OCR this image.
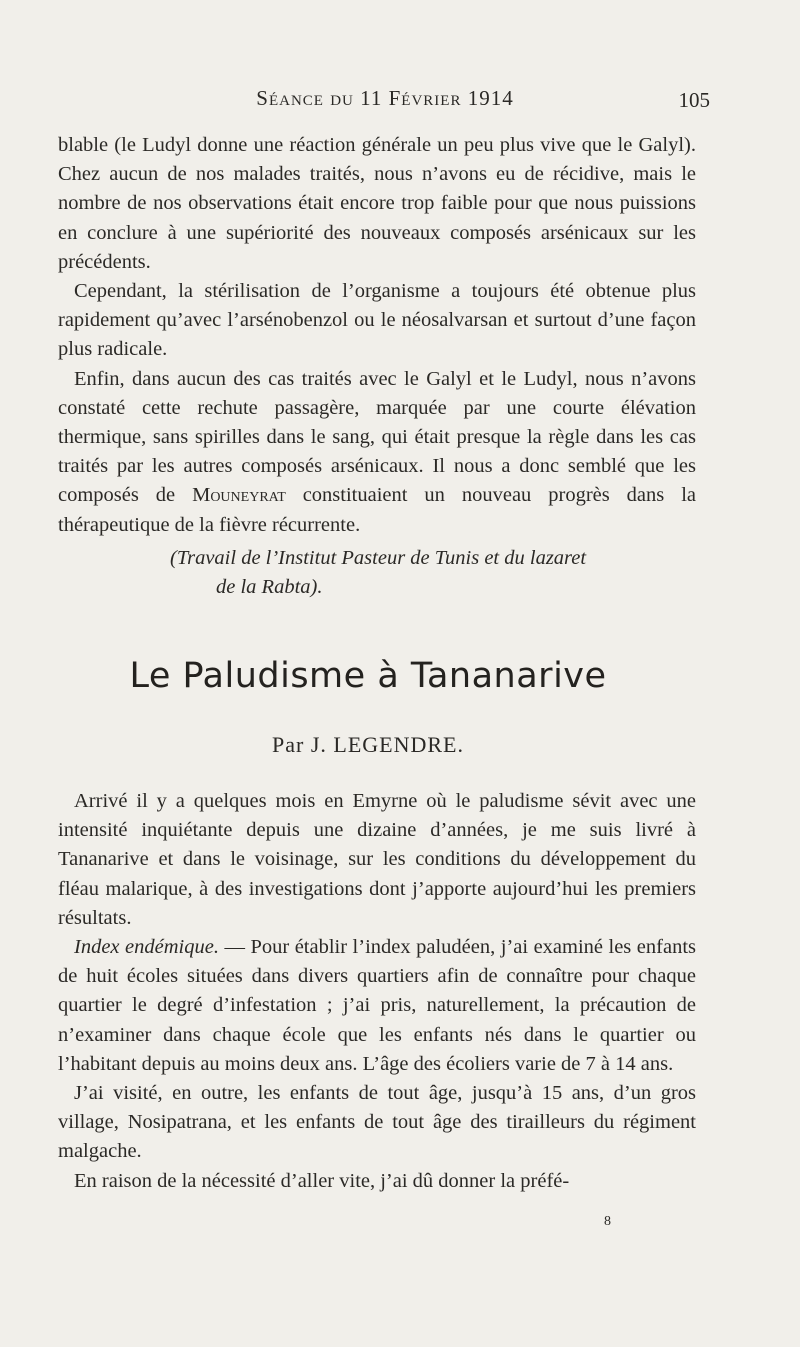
Séance du 11 Février 1914	105

blable (le Ludyl donne une réaction générale un peu plus vive que le Galyl). Chez aucun de nos malades traités, nous n’avons eu de récidive, mais le nombre de nos observations était encore trop faible pour que nous puissions en conclure à une supériorité des nouveaux composés arsénicaux sur les précédents.

Cependant, la stérilisation de l’organisme a toujours été obtenue plus rapidement qu’avec l’arsénobenzol ou le néosalvarsan et surtout d’une façon plus radicale.

Enfin, dans aucun des cas traités avec le Galyl et le Ludyl, nous n’avons constaté cette rechute passagère, marquée par une courte élévation thermique, sans spirilles dans le sang, qui était presque la règle dans les cas traités par les autres composés arsénicaux. Il nous a donc semblé que les composés de Mouneyrat constituaient un nouveau progrès dans la thérapeutique de la fièvre récurrente.

(Travail de l’Institut Pasteur de Tunis et du lazaret
de la Rabta).

Le Paludisme à Tananarive
Par J. LEGENDRE.

Arrivé il y a quelques mois en Emyrne où le paludisme sévit avec une intensité inquiétante depuis une dizaine d’années, je me suis livré à Tananarive et dans le voisinage, sur les conditions du développement du fléau malarique, à des investigations dont j’apporte aujourd’hui les premiers résultats.

Index endémique. — Pour établir l’index paludéen, j’ai examiné les enfants de huit écoles situées dans divers quartiers afin de connaître pour chaque quartier le degré d’infestation ; j’ai pris, naturellement, la précaution de n’examiner dans chaque école que les enfants nés dans le quartier ou l’habitant depuis au moins deux ans. L’âge des écoliers varie de 7 à 14 ans.

J’ai visité, en outre, les enfants de tout âge, jusqu’à 15 ans, d’un gros village, Nosipatrana, et les enfants de tout âge des tirailleurs du régiment malgache.

En raison de la nécessité d’aller vite, j’ai dû donner la préfé-

8
